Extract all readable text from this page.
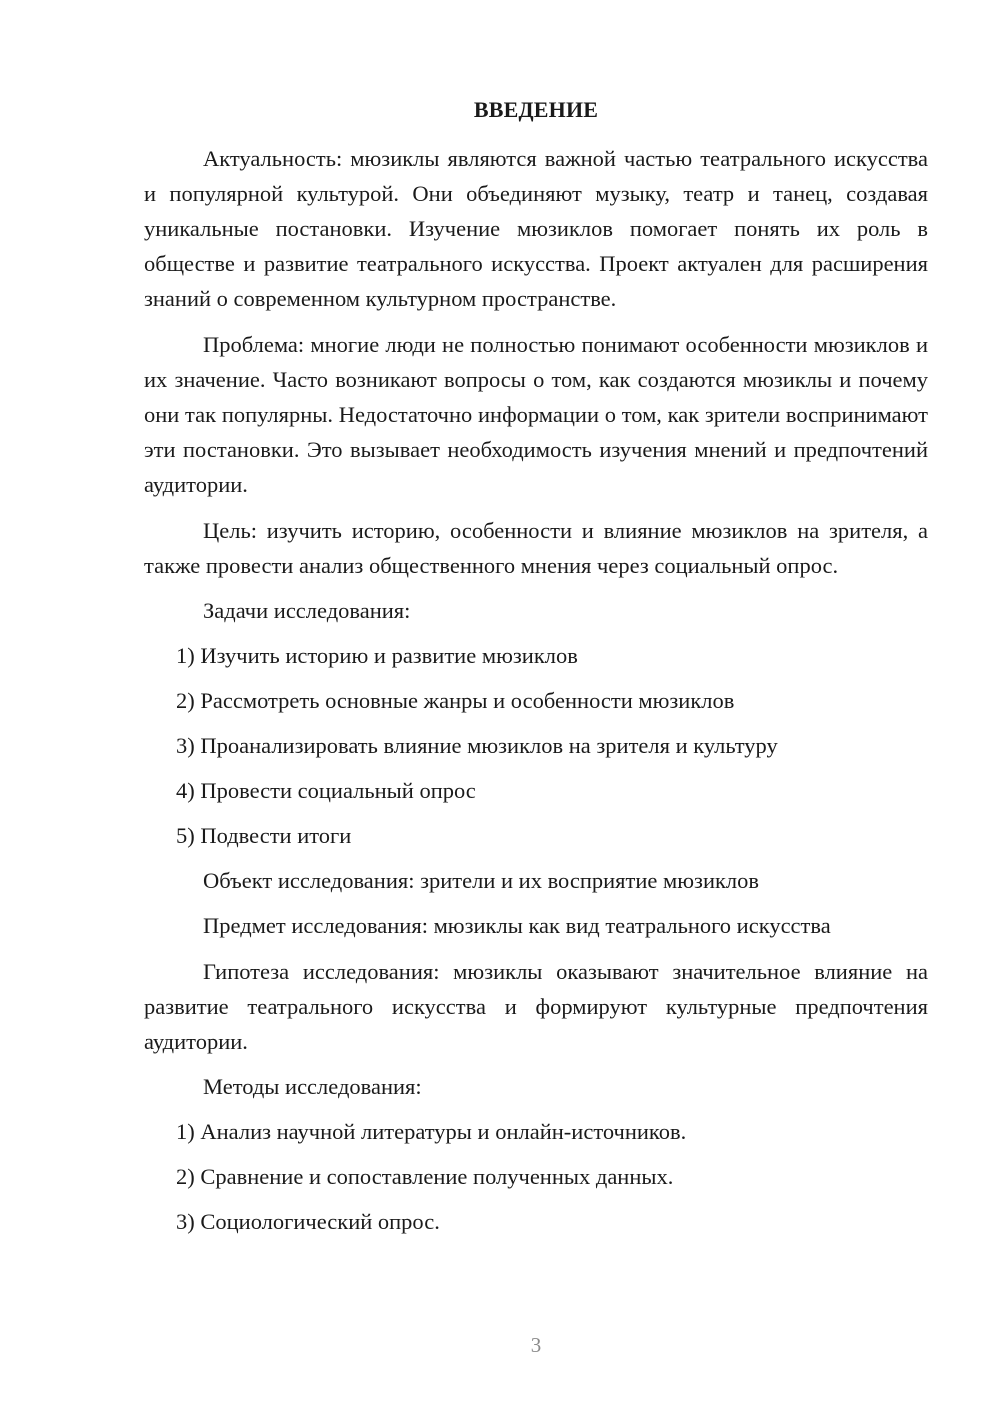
ВВЕДЕНИЕ

Актуальность: мюзиклы являются важной частью театрального искусства и популярной культурой. Они объединяют музыку, театр и танец, создавая уникальные постановки. Изучение мюзиклов помогает понять их роль в обществе и развитие театрального искусства. Проект актуален для расширения знаний о современном культурном пространстве.

Проблема: многие люди не полностью понимают особенности мюзиклов и их значение. Часто возникают вопросы о том, как создаются мюзиклы и почему они так популярны. Недостаточно информации о том, как зрители воспринимают эти постановки. Это вызывает необходимость изучения мнений и предпочтений аудитории.

Цель: изучить историю, особенности и влияние мюзиклов на зрителя, а также провести анализ общественного мнения через социальный опрос.

Задачи исследования:

1) Изучить историю и развитие мюзиклов

2) Рассмотреть основные жанры и особенности мюзиклов

3) Проанализировать влияние мюзиклов на зрителя и культуру

4) Провести социальный опрос

5) Подвести итоги

Объект исследования: зрители и их восприятие мюзиклов

Предмет исследования: мюзиклы как вид театрального искусства

Гипотеза исследования: мюзиклы оказывают значительное влияние на развитие театрального искусства и формируют культурные предпочтения аудитории.

Методы исследования:

1) Анализ научной литературы и онлайн-источников.

2) Сравнение и сопоставление полученных данных.

3) Социологический опрос.

3
